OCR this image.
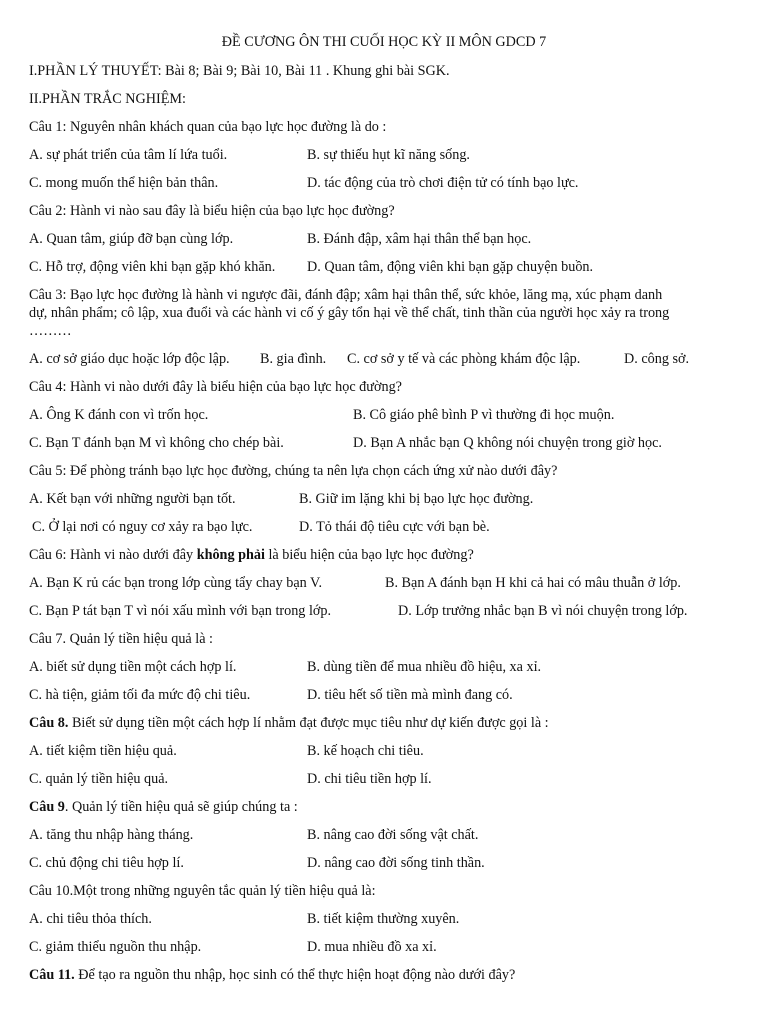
ĐỀ CƯƠNG ÔN THI CUỐI HỌC KỲ II MÔN GDCD 7
I.PHẦN LÝ THUYẾT: Bài 8; Bài 9; Bài 10, Bài 11 . Khung ghi bài SGK.
II.PHẦN TRẮC NGHIỆM:
Câu 1: Nguyên nhân khách quan của bạo lực học đường là do :
A. sự phát triển của tâm lí lứa tuổi.	B. sự thiếu hụt kĩ năng sống.
C. mong muốn thể hiện bản thân.	D. tác động của trò chơi điện tử có tính bạo lực.
Câu 2: Hành vi nào sau đây là biểu hiện của bạo lực học đường?
A. Quan tâm, giúp đỡ bạn cùng lớp.	B. Đánh đập, xâm hại thân thể bạn học.
C. Hỗ trợ, động viên khi bạn gặp khó khăn. D. Quan tâm, động viên khi bạn gặp chuyện buồn.
Câu 3: Bạo lực học đường là hành vi ngược đãi, đánh đập; xâm hại thân thể, sức khỏe, lăng mạ, xúc phạm danh
dự, nhân phẩm; cô lập, xua đuổi và các hành vi cố ý gây tổn hại về thể chất, tinh thần của người học xảy ra trong
………
A. cơ sở giáo dục hoặc lớp độc lập. B. gia đình. C. cơ sở y tế và các phòng khám độc lập.	D. công sở.
Câu 4: Hành vi nào dưới đây là biểu hiện của bạo lực học đường?
A. Ông K đánh con vì trốn học.	B. Cô giáo phê bình P vì thường đi học muộn.
C. Bạn T đánh bạn M vì không cho chép bài.	D. Bạn A nhắc bạn Q không nói chuyện trong giờ học.
Câu 5: Để phòng tránh bạo lực học đường, chúng ta nên lựa chọn cách ứng xử nào dưới đây?
A. Kết bạn với những người bạn tốt.	B. Giữ im lặng khi bị bạo lực học đường.
C. Ở lại nơi có nguy cơ xảy ra bạo lực.	D. Tỏ thái độ tiêu cực với bạn bè.
Câu 6: Hành vi nào dưới đây không phải là biểu hiện của bạo lực học đường?
A. Bạn K rủ các bạn trong lớp cùng tẩy chay bạn V.	B. Bạn A đánh bạn H khi cả hai có mâu thuẫn ở lớp.
C. Bạn P tát bạn T vì nói xấu mình với bạn trong lớp.	D. Lớp trưởng nhắc bạn B vì nói chuyện trong lớp.
Câu 7. Quản lý tiền hiệu quả là :
A. biết sử dụng tiền một cách hợp lí.	B. dùng tiền để mua nhiều đồ hiệu, xa xỉ.
C. hà tiện, giảm tối đa mức độ chi tiêu.	D. tiêu hết số tiền mà mình đang có.
Câu 8. Biết sử dụng tiền một cách hợp lí nhằm đạt được mục tiêu như dự kiến được gọi là :
A. tiết kiệm tiền hiệu quả.	B. kế hoạch chi tiêu.
C. quản lý tiền hiệu quả.	D. chi tiêu tiền hợp lí.
Câu 9. Quản lý tiền hiệu quả sẽ giúp chúng ta :
A. tăng thu nhập hàng tháng.	B. nâng cao đời sống vật chất.
C. chủ động chi tiêu hợp lí.	D. nâng cao đời sống tinh thần.
Câu 10.Một trong những nguyên tắc quản lý tiền hiệu quả là:
A. chi tiêu thỏa thích.	B. tiết kiệm thường xuyên.
C. giảm thiểu nguồn thu nhập.	D. mua nhiều đồ xa xỉ.
Câu 11. Để tạo ra nguồn thu nhập, học sinh có thể thực hiện hoạt động nào dưới đây?
